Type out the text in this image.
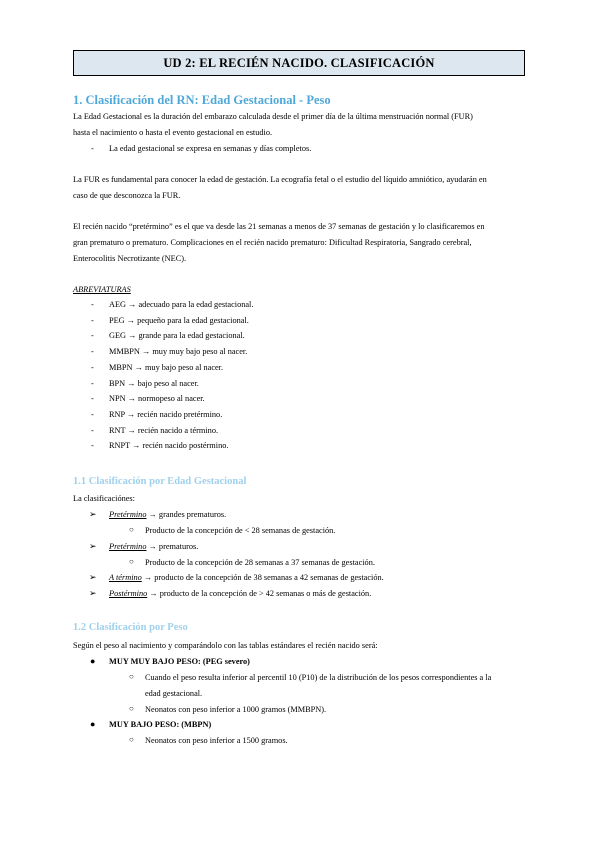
UD 2: EL RECIÉN NACIDO. CLASIFICACIÓN
1. Clasificación del RN: Edad Gestacional - Peso
La Edad Gestacional es la duración del embarazo calculada desde el primer día de la última menstruación normal (FUR)
hasta el nacimiento o hasta el evento gestacional en estudio.
- La edad gestacional se expresa en semanas y días completos.
La FUR es fundamental para conocer la edad de gestación. La ecografía fetal o el estudio del líquido amniótico, ayudarán en
caso de que desconozca la FUR.
El recién nacido “pretérmino” es el que va desde las 21 semanas a menos de 37 semanas de gestación y lo clasificaremos en
gran prematuro o prematuro. Complicaciones en el recién nacido prematuro: Dificultad Respiratoria, Sangrado cerebral,
Enterocolitis Necrotizante (NEC).
ABREVIATURAS
- AEG → adecuado para la edad gestacional.
- PEG → pequeño para la edad gestacional.
- GEG → grande para la edad gestacional.
- MMBPN → muy muy bajo peso al nacer.
- MBPN → muy bajo peso al nacer.
- BPN → bajo peso al nacer.
- NPN → normopeso al nacer.
- RNP → recién nacido pretérmino.
- RNT → recién nacido a término.
- RNPT → recién nacido postérmino.
1.1 Clasificación por Edad Gestacional
La clasificaciónes:
➢ Pretérmino → grandes prematuros.
○ Producto de la concepción de < 28 semanas de gestación.
➢ Pretérmino → prematuros.
○ Producto de la concepción de 28 semanas a 37 semanas de gestación.
➢ A término → producto de la concepción de 38 semanas a 42 semanas de gestación.
➢ Postérmino → producto de la concepción de > 42 semanas o más de gestación.
1.2 Clasificación por Peso
Según el peso al nacimiento y comparándolo con las tablas estándares el recién nacido será:
● MUY MUY BAJO PESO: (PEG severo)
○ Cuando el peso resulta inferior al percentil 10 (P10) de la distribución de los pesos correspondientes a la
edad gestacional.
○ Neonatos con peso inferior a 1000 gramos (MMBPN).
● MUY BAJO PESO: (MBPN)
○ Neonatos con peso inferior a 1500 gramos.
